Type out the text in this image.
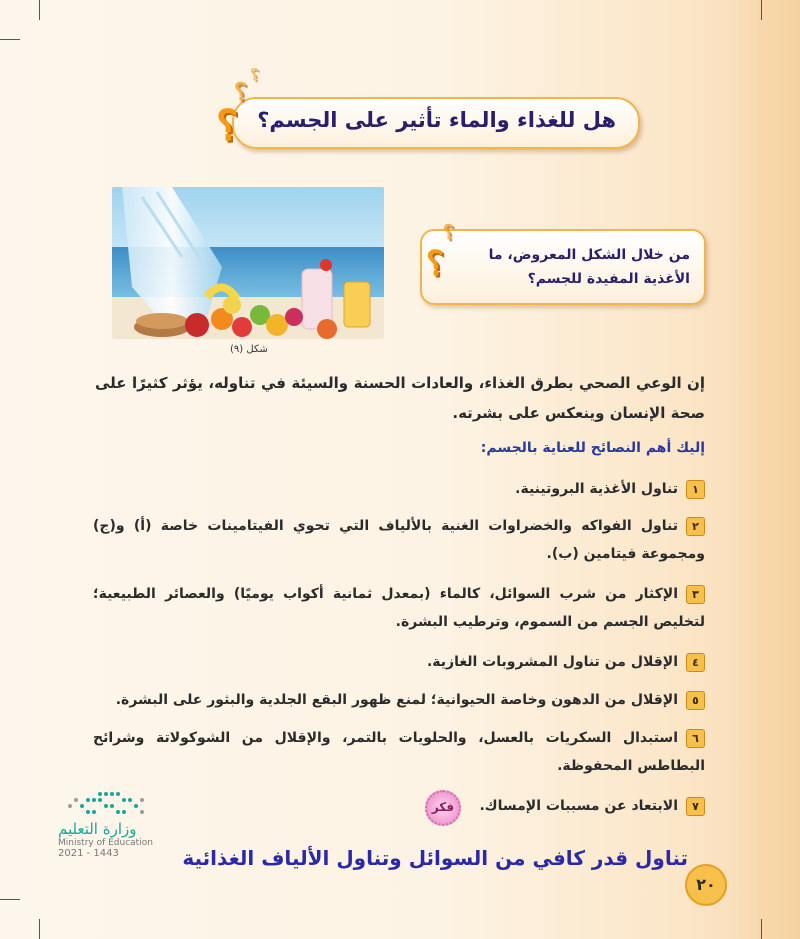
هل للغذاء والماء تأثير على الجسم؟
؟
؟
؟
شكل (٩)
من خلال الشكل المعروض، ما الأغذية المفيدة للجسم؟
؟
؟
إن الوعي الصحي بطرق الغذاء، والعادات الحسنة والسيئة في تناوله، يؤثر كثيرًا على صحة الإنسان وينعكس على بشرته.
إليك أهم النصائح للعناية بالجسم:
١تناول الأغذية البروتينية.
٢تناول الفواكه والخضراوات الغنية بالألياف التي تحوي الفيتامينات خاصة (أ) و(ج) ومجموعة فيتامين (ب).
٣الإكثار من شرب السوائل، كالماء (بمعدل ثمانية أكواب يوميًا) والعصائر الطبيعية؛ لتخليص الجسم من السموم، وترطيب البشرة.
٤الإقلال من تناول المشروبات الغازية.
٥الإقلال من الدهون وخاصة الحيوانية؛ لمنع ظهور البقع الجلدية والبثور على البشرة.
٦استبدال السكريات بالعسل، والحلويات بالتمر، والإقلال من الشوكولاتة وشرائح البطاطس المحفوظة.
٧الابتعاد عن مسببات الإمساك.
فكر
تناول قدر كافي من السوائل وتناول الألياف الغذائية
٢٠
وزارة التعليم
Ministry of Education
2021 - 1443
